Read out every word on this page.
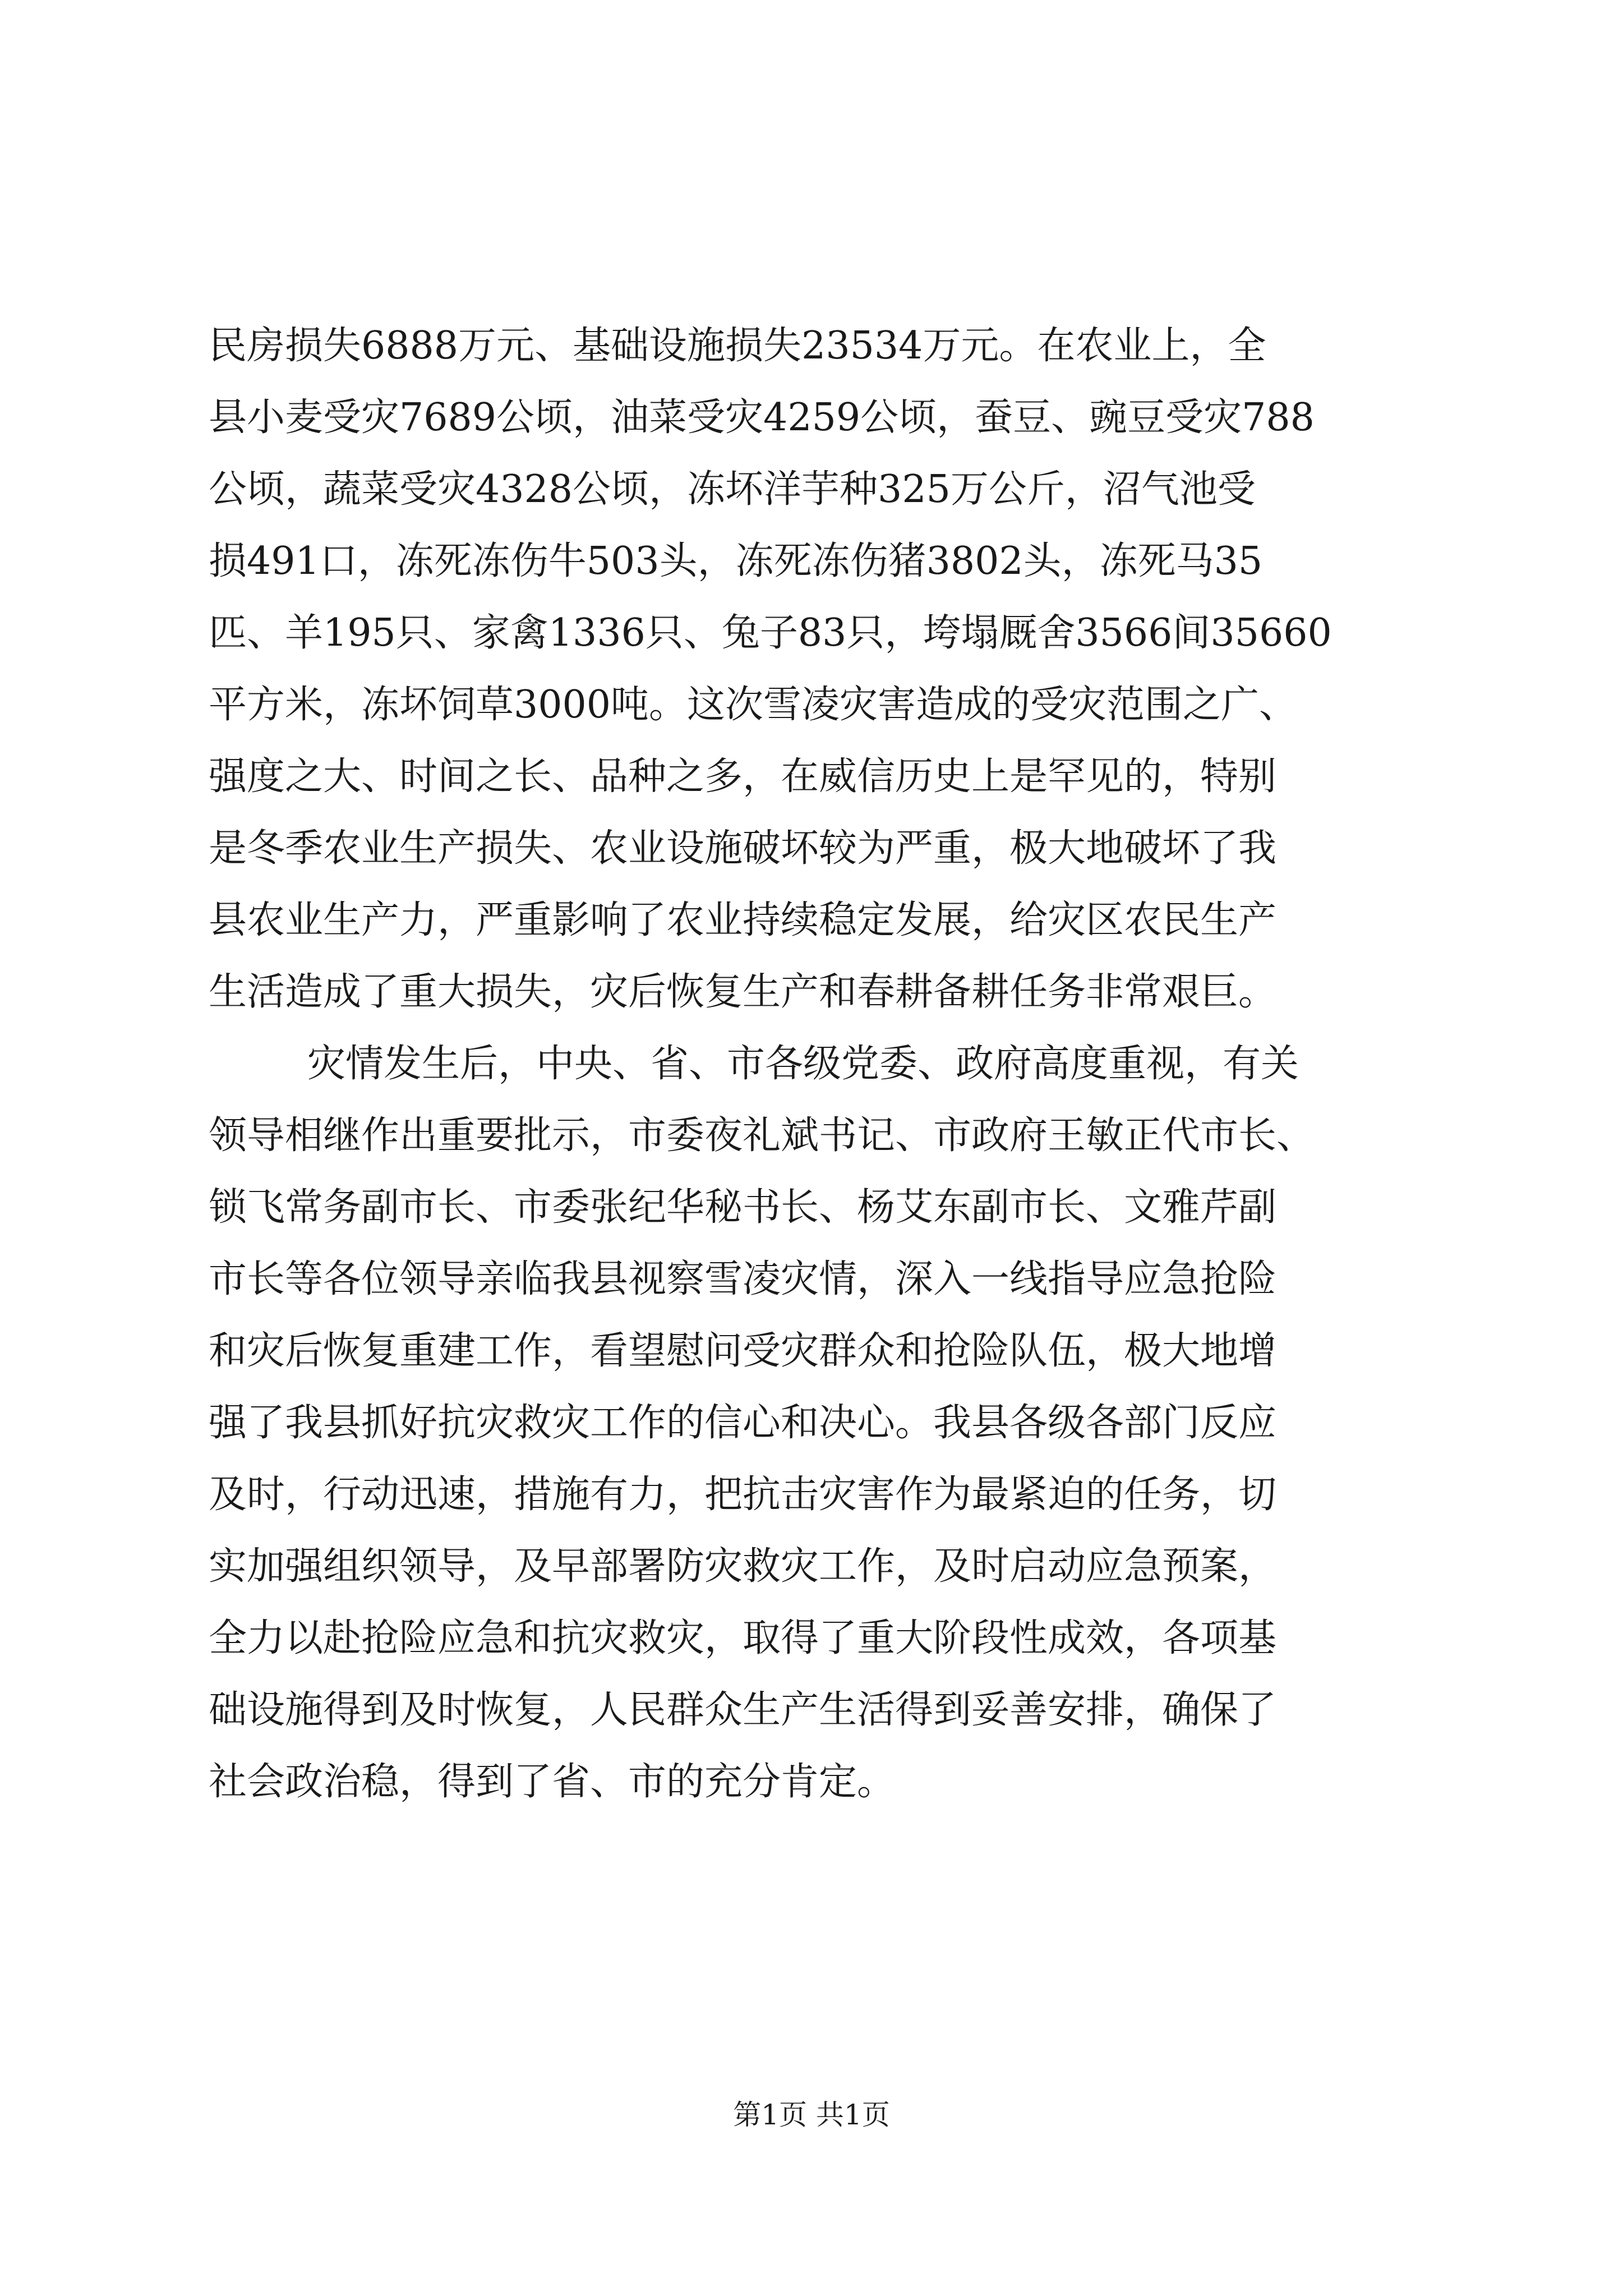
民房损失6888万元、基础设施损失23534万元。在农业上，全
县小麦受灾7689公顷，油菜受灾4259公顷，蚕豆、豌豆受灾788
公顷，蔬菜受灾4328公顷，冻坏洋芋种325万公斤，沼气池受
损491口，冻死冻伤牛503头，冻死冻伤猪3802头，冻死马35
匹、羊195只、家禽1336只、兔子83只，垮塌厩舍3566间35660
平方米，冻坏饲草3000吨。这次雪凌灾害造成的受灾范围之广、
强度之大、时间之长、品种之多，在威信历史上是罕见的，特别
是冬季农业生产损失、农业设施破坏较为严重，极大地破坏了我
县农业生产力，严重影响了农业持续稳定发展，给灾区农民生产
生活造成了重大损失，灾后恢复生产和春耕备耕任务非常艰巨。
灾情发生后，中央、省、市各级党委、政府高度重视，有关
领导相继作出重要批示，市委夜礼斌书记、市政府王敏正代市长、
锁飞常务副市长、市委张纪华秘书长、杨艾东副市长、文雅芹副
市长等各位领导亲临我县视察雪凌灾情，深入一线指导应急抢险
和灾后恢复重建工作，看望慰问受灾群众和抢险队伍，极大地增
强了我县抓好抗灾救灾工作的信心和决心。我县各级各部门反应
及时，行动迅速，措施有力，把抗击灾害作为最紧迫的任务，切
实加强组织领导，及早部署防灾救灾工作，及时启动应急预案，
全力以赴抢险应急和抗灾救灾，取得了重大阶段性成效，各项基
础设施得到及时恢复，人民群众生产生活得到妥善安排，确保了
社会政治稳，得到了省、市的充分肯定。
第1页 共1页
